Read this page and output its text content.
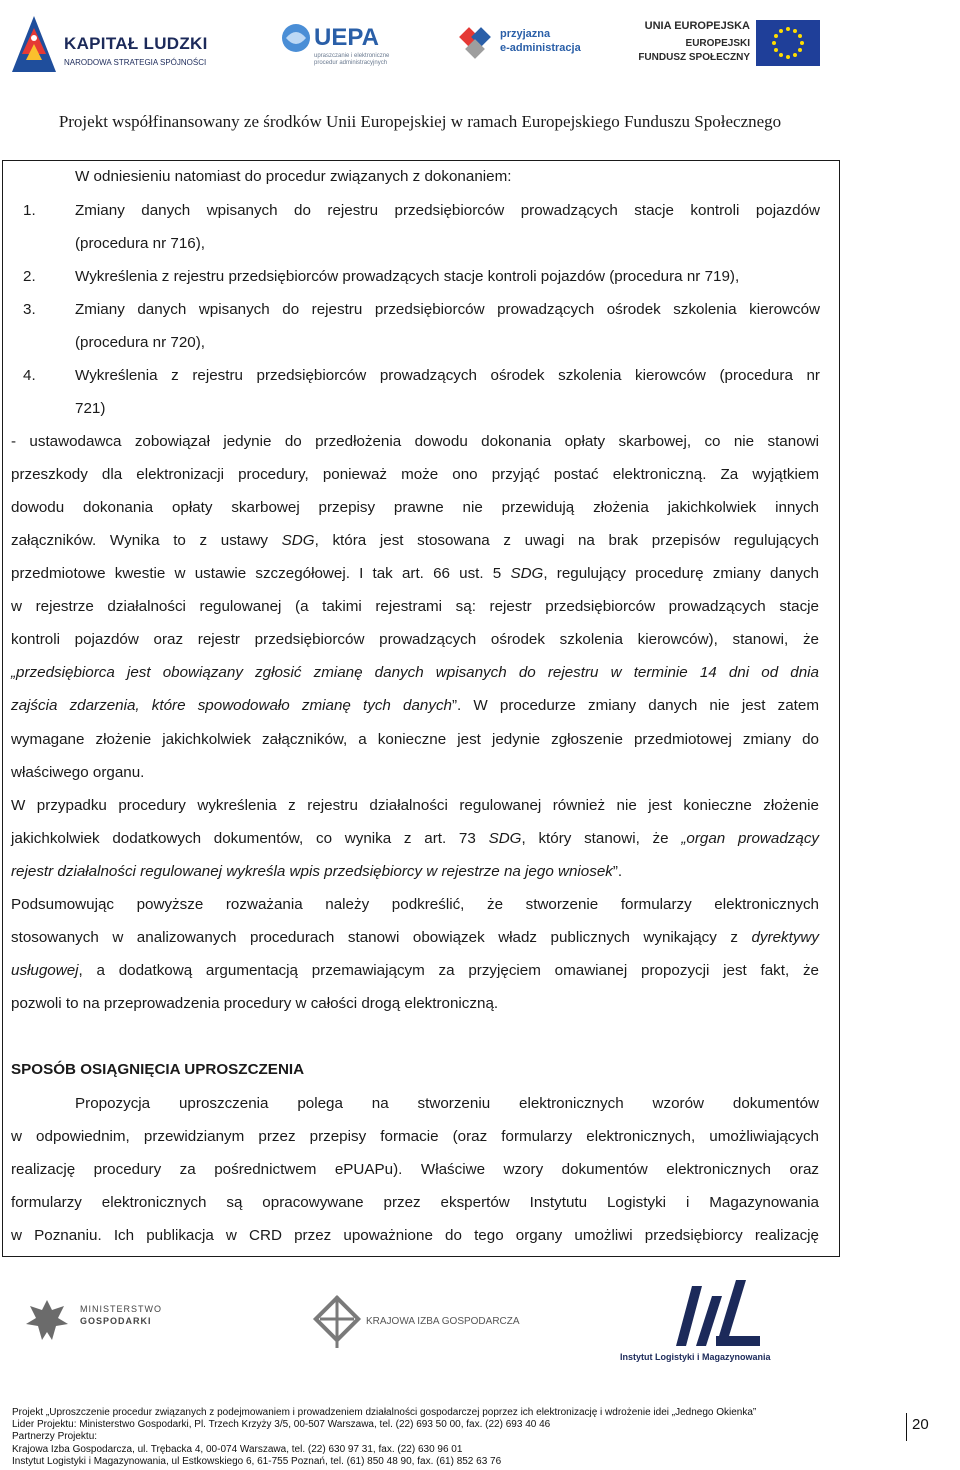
KAPITAŁ LUDZKI
NARODOWA STRATEGIA SPÓJNOŚCI
UEPA
upraszczanie i elektroniczne
procedur administracyjnych
przyjazna
e-administracja
UNIA EUROPEJSKA
EUROPEJSKI
FUNDUSZ SPOŁECZNY
Projekt współfinansowany ze środków Unii Europejskiej w ramach Europejskiego Funduszu Społecznego
W odniesieniu natomiast do procedur związanych z dokonaniem:
1.	Zmiany danych wpisanych do rejestru przedsiębiorców prowadzących stacje kontroli pojazdów
(procedura nr 716),
2.	Wykreślenia z rejestru przedsiębiorców prowadzących stacje kontroli pojazdów (procedura nr 719),
3.	Zmiany danych wpisanych do rejestru przedsiębiorców prowadzących ośrodek szkolenia kierowców
(procedura nr 720),
4.	Wykreślenia z rejestru przedsiębiorców prowadzących ośrodek szkolenia kierowców (procedura nr
721)
- ustawodawca zobowiązał jedynie do przedłożenia dowodu dokonania opłaty skarbowej, co nie stanowi
przeszkody dla elektronizacji procedury, ponieważ może ono przyjąć postać elektroniczną. Za wyjątkiem
dowodu dokonania opłaty skarbowej przepisy prawne nie przewidują złożenia jakichkolwiek innych
załączników. Wynika to z ustawy SDG, która jest stosowana z uwagi na brak przepisów regulujących
przedmiotowe kwestie w ustawie szczegółowej. I tak art. 66 ust. 5 SDG, regulujący procedurę zmiany danych
w rejestrze działalności regulowanej (a takimi rejestrami są: rejestr przedsiębiorców prowadzących stacje
kontroli pojazdów oraz rejestr przedsiębiorców prowadzących ośrodek szkolenia kierowców), stanowi, że
„przedsiębiorca jest obowiązany zgłosić zmianę danych wpisanych do rejestru w terminie 14 dni od dnia
zajścia zdarzenia, które spowodowało zmianę tych danych”. W procedurze zmiany danych nie jest zatem
wymagane złożenie jakichkolwiek załączników, a konieczne jest jedynie zgłoszenie przedmiotowej zmiany do
właściwego organu.
W przypadku procedury wykreślenia z rejestru działalności regulowanej również nie jest konieczne złożenie
jakichkolwiek dodatkowych dokumentów, co wynika z art. 73 SDG, który stanowi, że „organ prowadzący
rejestr działalności regulowanej wykreśla wpis przedsiębiorcy w rejestrze na jego wniosek”.
Podsumowując powyższe rozważania należy podkreślić, że stworzenie formularzy elektronicznych
stosowanych w analizowanych procedurach stanowi obowiązek władz publicznych wynikający z dyrektywy
usługowej, a dodatkową argumentacją przemawiającym za przyjęciem omawianej propozycji jest fakt, że
pozwoli to na przeprowadzenia procedury w całości drogą elektroniczną.
SPOSÓB OSIĄGNIĘCIA UPROSZCZENIA
Propozycja uproszczenia polega na stworzeniu elektronicznych wzorów dokumentów
w odpowiednim, przewidzianym przez przepisy formacie (oraz formularzy elektronicznych, umożliwiających
realizację procedury za pośrednictwem ePUAPu). Właściwe wzory dokumentów elektronicznych oraz
formularzy elektronicznych są opracowywane przez ekspertów Instytutu Logistyki i Magazynowania
w Poznaniu. Ich publikacja w CRD przez upoważnione do tego organy umożliwi przedsiębiorcy realizację
MINISTERSTWO
GOSPODARKI	KRAJOWA IZBA GOSPODARCZA
Instytut Logistyki i Magazynowania
Projekt „Uproszczenie procedur związanych z podejmowaniem i prowadzeniem działalności gospodarczej poprzez ich elektronizację i wdrożenie idei „Jednego Okienka”
Lider Projektu: Ministerstwo Gospodarki, Pl. Trzech Krzyży 3/5, 00-507 Warszawa, tel. (22) 693 50 00, fax. (22) 693 40 46
Partnerzy Projektu:
Krajowa Izba Gospodarcza, ul. Trębacka 4, 00-074 Warszawa, tel. (22) 630 97 31, fax. (22) 630 96 01
Instytut Logistyki i Magazynowania, ul Estkowskiego 6, 61-755 Poznań, tel. (61) 850 48 90, fax. (61) 852 63 76
20
